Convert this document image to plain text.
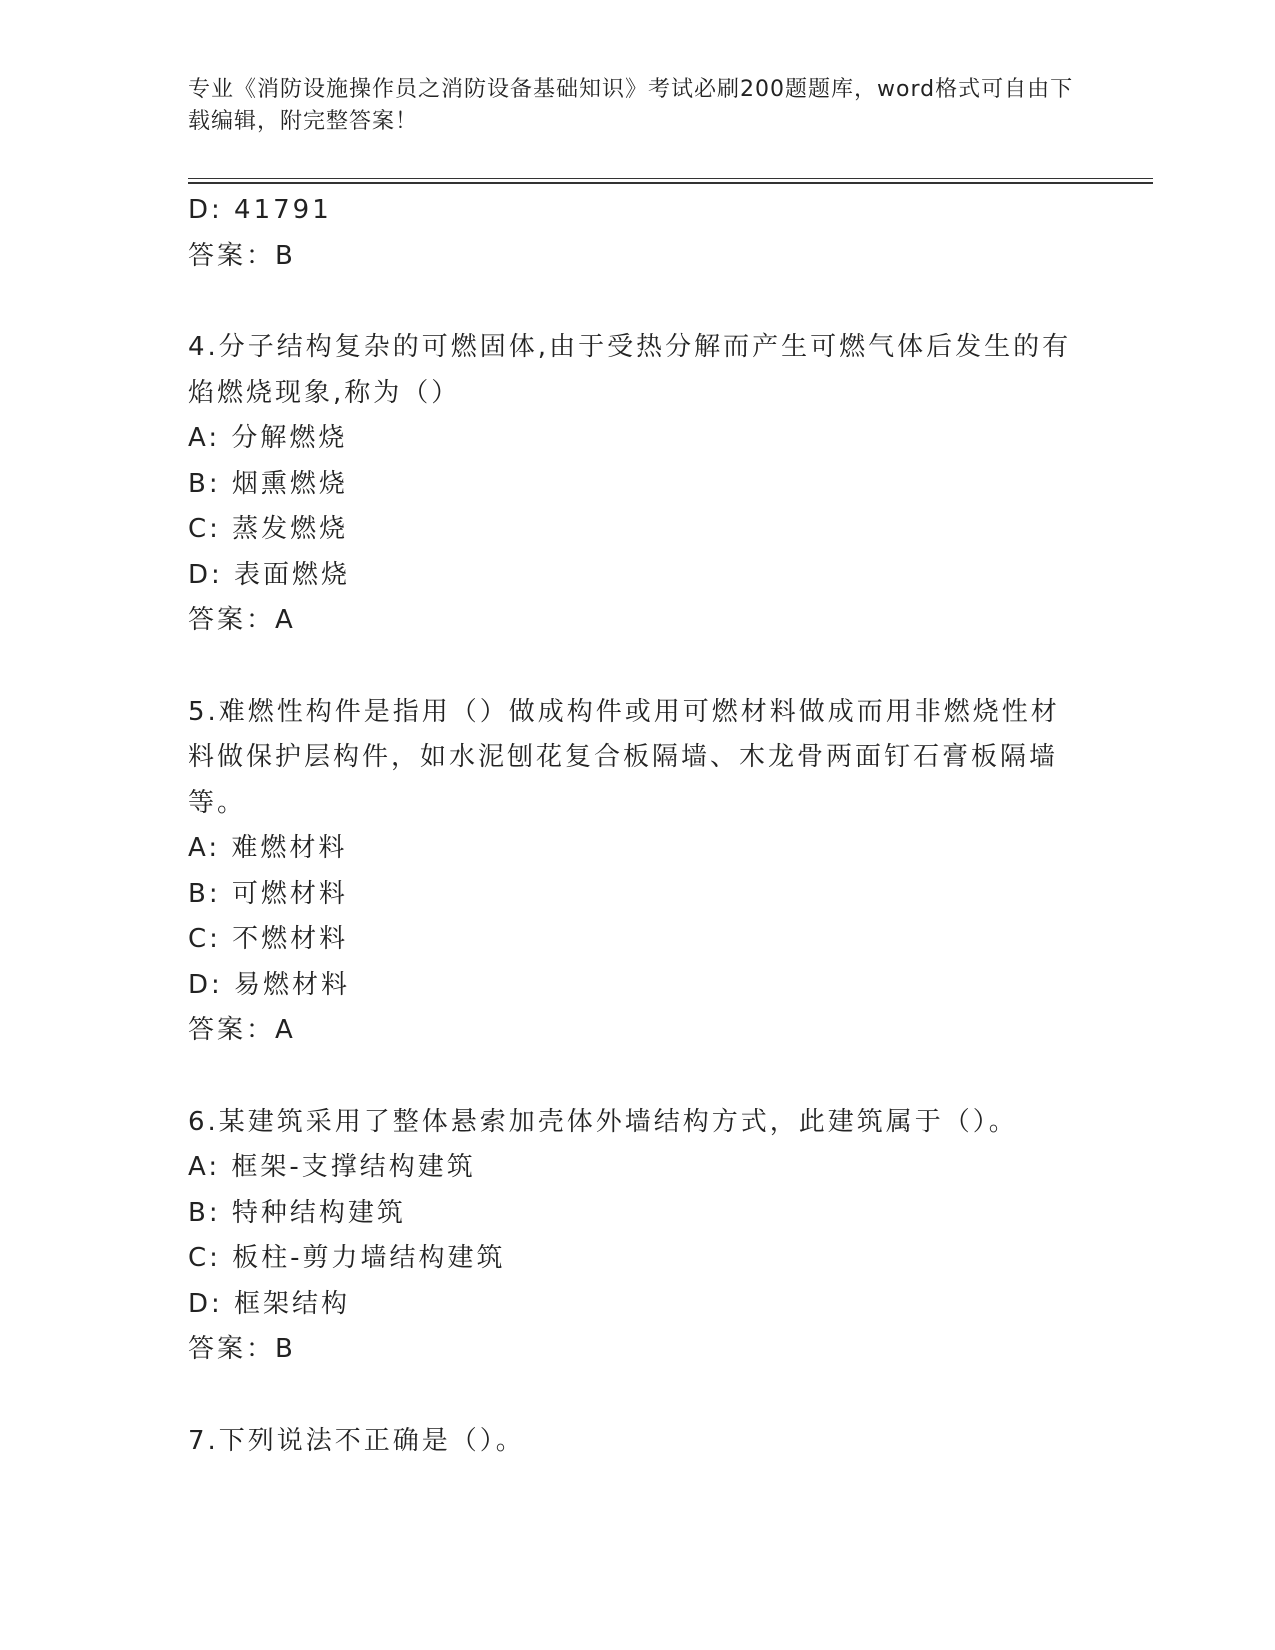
专业《消防设施操作员之消防设备基础知识》考试必刷200题题库，word格式可自由下载编辑，附完整答案！
D: 41791
答案：B
4.分子结构复杂的可燃固体,由于受热分解而产生可燃气体后发生的有焰燃烧现象,称为（）
A: 分解燃烧
B: 烟熏燃烧
C: 蒸发燃烧
D: 表面燃烧
答案：A
5.难燃性构件是指用（）做成构件或用可燃材料做成而用非燃烧性材料做保护层构件，如水泥刨花复合板隔墙、木龙骨两面钉石膏板隔墙等。
A: 难燃材料
B: 可燃材料
C: 不燃材料
D: 易燃材料
答案：A
6.某建筑采用了整体悬索加壳体外墙结构方式，此建筑属于（）。
A: 框架-支撑结构建筑
B: 特种结构建筑
C: 板柱-剪力墙结构建筑
D: 框架结构
答案：B
7.下列说法不正确是（）。
